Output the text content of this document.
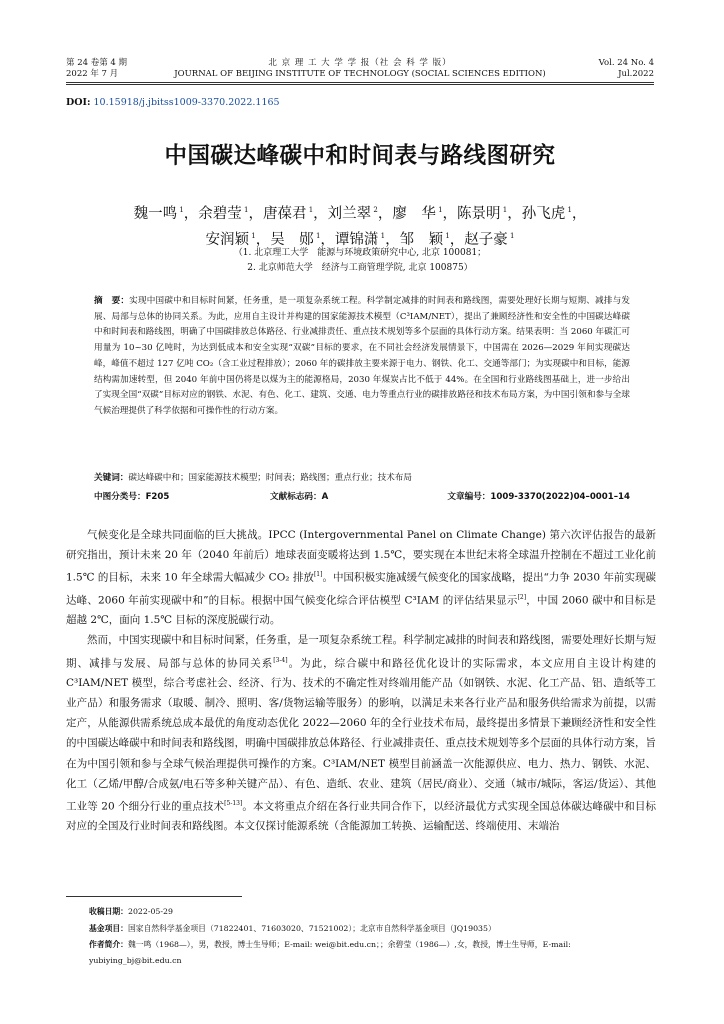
第 24 卷第 4 期
2022 年 7 月
北 京 理 工 大 学 学 报（社 会 科 学 版）
JOURNAL OF BEIJING INSTITUTE OF TECHNOLOGY (SOCIAL SCIENCES EDITION)
Vol. 24 No. 4
Jul.2022
DOI: 10.15918/j.jbitss1009-3370.2022.1165
中国碳达峰碳中和时间表与路线图研究
魏一鸣 $^1$，余碧莹 $^1$，唐葆君 $^1$，刘兰翠 $^2$，廖　华 $^1$，陈景明 $^1$，孙飞虎 $^1$，
安润颖 $^1$，吴　郧 $^1$，谭锦潇 $^1$，邹　颖 $^1$，赵子豪 $^1$
（1. 北京理工大学　能源与环境政策研究中心, 北京 100081；
2. 北京师范大学　经济与工商管理学院, 北京 100875）
摘　要：实现中国碳中和目标时间紧，任务重，是一项复杂系统工程。科学制定减排的时间表和路线图，需要处理好长期与短期、减排与发展、局部与总体的协同关系。为此，应用自主设计并构建的国家能源技术模型（C³IAM/NET），提出了兼顾经济性和安全性的中国碳达峰碳中和时间表和路线图，明确了中国碳排放总体路径、行业减排责任、重点技术规划等多个层面的具体行动方案。结果表明：当 2060 年碳汇可用量为 10~30 亿吨时，为达到低成本和安全实现“双碳”目标的要求，在不同社会经济发展情景下，中国需在 2026—2029 年间实现碳达峰，峰值不超过 127 亿吨 CO₂（含工业过程排放）；2060 年的碳排放主要来源于电力、钢铁、化工、交通等部门；为实现碳中和目标，能源结构需加速转型，但 2040 年前中国仍将是以煤为主的能源格局，2030 年煤炭占比不低于 44%。在全国和行业路线图基础上，进一步给出了实现全国“双碳”目标对应的钢铁、水泥、有色、化工、建筑、交通、电力等重点行业的碳排放路径和技术布局方案，为中国引领和参与全球气候治理提供了科学依据和可操作性的行动方案。
关键词：碳达峰碳中和；国家能源技术模型；时间表；路线图；重点行业；技术布局
中图分类号：F205	文献标志码：A	文章编号：1009-3370(2022)04–0001–14

气候变化是全球共同面临的巨大挑战。IPCC (Intergovernmental Panel on Climate Change) 第六次评估报告的最新研究指出，预计未来 20 年（2040 年前后）地球表面变暖将达到 1.5℃，要实现在本世纪末将全球温升控制在不超过工业化前 1.5℃ 的目标，未来 10 年全球需大幅减少 CO₂ 排放[1]。中国积极实施减缓气候变化的国家战略，提出“力争 2030 年前实现碳达峰、2060 年前实现碳中和”的目标。根据中国气候变化综合评估模型 C³IAM 的评估结果显示[2]，中国 2060 碳中和目标是超越 2℃，面向 1.5℃ 目标的深度脱碳行动。

然而，中国实现碳中和目标时间紧，任务重，是一项复杂系统工程。科学制定减排的时间表和路线图，需要处理好长期与短期、减排与发展、局部与总体的协同关系[3-4]。为此，综合碳中和路径优化设计的实际需求，本文应用自主设计构建的 C³IAM/NET 模型，综合考虑社会、经济、行为、技术的不确定性对终端用能产品（如钢铁、水泥、化工产品、铝、造纸等工业产品）和服务需求（取暖、制冷、照明、客/货物运输等服务）的影响，以满足未来各行业产品和服务供给需求为前提，以需定产，从能源供需系统总成本最优的角度动态优化 2022—2060 年的全行业技术布局，最终提出多情景下兼顾经济性和安全性的中国碳达峰碳中和时间表和路线图，明确中国碳排放总体路径、行业减排责任、重点技术规划等多个层面的具体行动方案，旨在为中国引领和参与全球气候治理提供可操作的方案。C³IAM/NET 模型目前涵盖一次能源供应、电力、热力、钢铁、水泥、化工（乙烯/甲醇/合成氨/电石等多种关键产品）、有色、造纸、农业、建筑（居民/商业）、交通（城市/城际，客运/货运）、其他工业等 20 个细分行业的重点技术[5-13]。本文将重点介绍在各行业共同合作下，以经济最优方式实现全国总体碳达峰碳中和目标对应的全国及行业时间表和路线图。本文仅探讨能源系统（含能源加工转换、运输配送、终端使用、末端治

收稿日期：2022-05-29
基金项目：国家自然科学基金项目（71822401、71603020、71521002）；北京市自然科学基金项目（JQ19035）
作者简介：魏一鸣（1968—），男，教授，博士生导师；E-mail: wei@bit.edu.cn；；余碧莹（1986—）,女，教授，博士生导师，E-mail: yubiying_bj@bit.edu.cn
